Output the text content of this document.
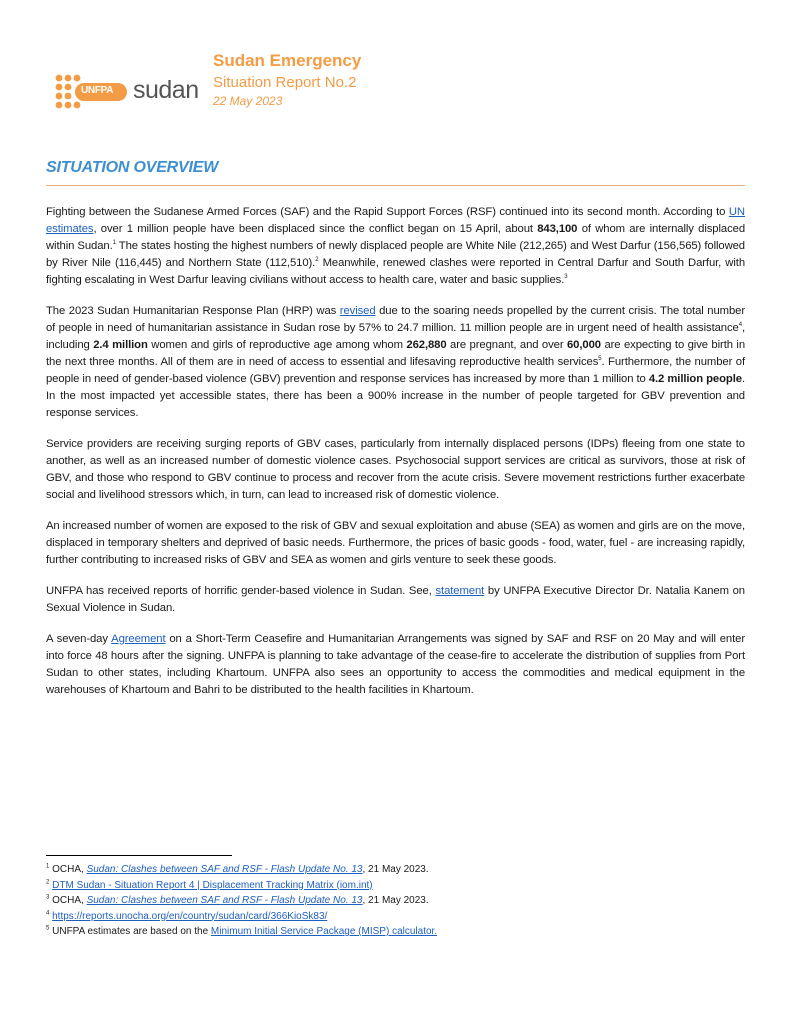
UNFPA sudan
Sudan Emergency
Situation Report No.2
22 May 2023
SITUATION OVERVIEW

Fighting between the Sudanese Armed Forces (SAF) and the Rapid Support Forces (RSF) continued into its second month. According to UN estimates, over 1 million people have been displaced since the conflict began on 15 April, about 843,100 of whom are internally displaced within Sudan.$^1$ The states hosting the highest numbers of newly displaced people are White Nile (212,265) and West Darfur (156,565) followed by River Nile (116,445) and Northern State (112,510).$^2$ Meanwhile, renewed clashes were reported in Central Darfur and South Darfur, with fighting escalating in West Darfur leaving civilians without access to health care, water and basic supplies.$^3$

The 2023 Sudan Humanitarian Response Plan (HRP) was revised due to the soaring needs propelled by the current crisis. The total number of people in need of humanitarian assistance in Sudan rose by 57% to 24.7 million. 11 million people are in urgent need of health assistance$^4$, including 2.4 million women and girls of reproductive age among whom 262,880 are pregnant, and over 60,000 are expecting to give birth in the next three months. All of them are in need of access to essential and lifesaving reproductive health services$^5$. Furthermore, the number of people in need of gender-based violence (GBV) prevention and response services has increased by more than 1 million to 4.2 million people. In the most impacted yet accessible states, there has been a 900% increase in the number of people targeted for GBV prevention and response services.

Service providers are receiving surging reports of GBV cases, particularly from internally displaced persons (IDPs) fleeing from one state to another, as well as an increased number of domestic violence cases. Psychosocial support services are critical as survivors, those at risk of GBV, and those who respond to GBV continue to process and recover from the acute crisis. Severe movement restrictions further exacerbate social and livelihood stressors which, in turn, can lead to increased risk of domestic violence.

An increased number of women are exposed to the risk of GBV and sexual exploitation and abuse (SEA) as women and girls are on the move, displaced in temporary shelters and deprived of basic needs. Furthermore, the prices of basic goods - food, water, fuel - are increasing rapidly, further contributing to increased risks of GBV and SEA as women and girls venture to seek these goods.

UNFPA has received reports of horrific gender-based violence in Sudan. See, statement by UNFPA Executive Director Dr. Natalia Kanem on Sexual Violence in Sudan.

A seven-day Agreement on a Short-Term Ceasefire and Humanitarian Arrangements was signed by SAF and RSF on 20 May and will enter into force 48 hours after the signing. UNFPA is planning to take advantage of the cease-fire to accelerate the distribution of supplies from Port Sudan to other states, including Khartoum. UNFPA also sees an opportunity to access the commodities and medical equipment in the warehouses of Khartoum and Bahri to be distributed to the health facilities in Khartoum.

$^1$ OCHA, Sudan: Clashes between SAF and RSF - Flash Update No. 13, 21 May 2023.

$^2$ DTM Sudan - Situation Report 4 | Displacement Tracking Matrix (iom.int)

$^3$ OCHA, Sudan: Clashes between SAF and RSF - Flash Update No. 13, 21 May 2023.

$^4$ https://reports.unocha.org/en/country/sudan/card/366KioSk83/

$^5$ UNFPA estimates are based on the Minimum Initial Service Package (MISP) calculator.
